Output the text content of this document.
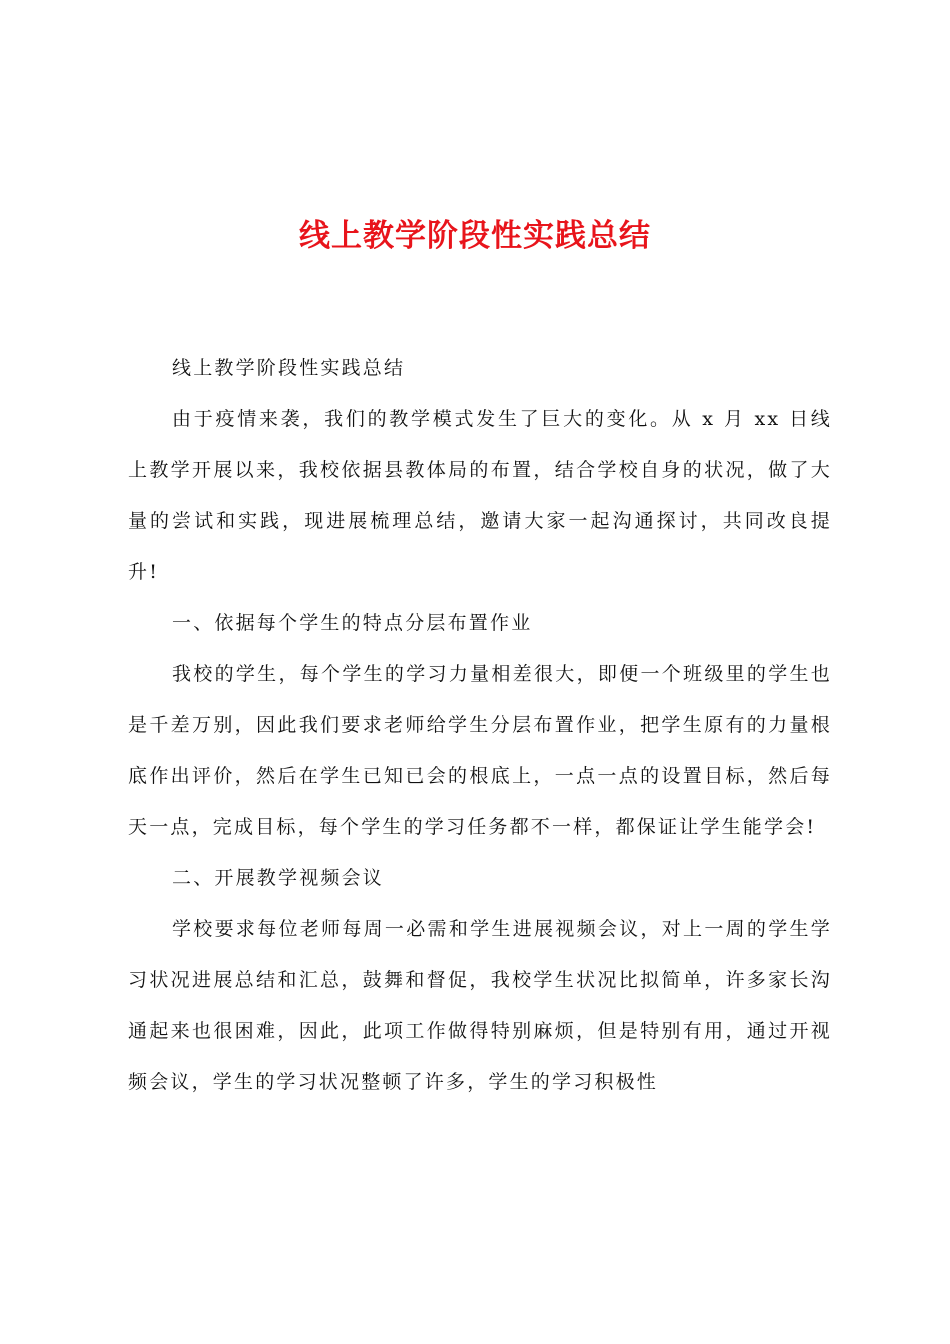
线上教学阶段性实践总结

线上教学阶段性实践总结

由于疫情来袭，我们的教学模式发生了巨大的变化。从 x 月 xx 日线上教学开展以来，我校依据县教体局的布置，结合学校自身的状况，做了大量的尝试和实践，现进展梳理总结，邀请大家一起沟通探讨，共同改良提升!

一、依据每个学生的特点分层布置作业

我校的学生，每个学生的学习力量相差很大，即便一个班级里的学生也是千差万别，因此我们要求老师给学生分层布置作业，把学生原有的力量根底作出评价，然后在学生已知已会的根底上，一点一点的设置目标，然后每天一点，完成目标，每个学生的学习任务都不一样，都保证让学生能学会!

二、开展教学视频会议

学校要求每位老师每周一必需和学生进展视频会议，对上一周的学生学习状况进展总结和汇总，鼓舞和督促，我校学生状况比拟简单，许多家长沟通起来也很困难，因此，此项工作做得特别麻烦，但是特别有用，通过开视频会议，学生的学习状况整顿了许多，学生的学习积极性
